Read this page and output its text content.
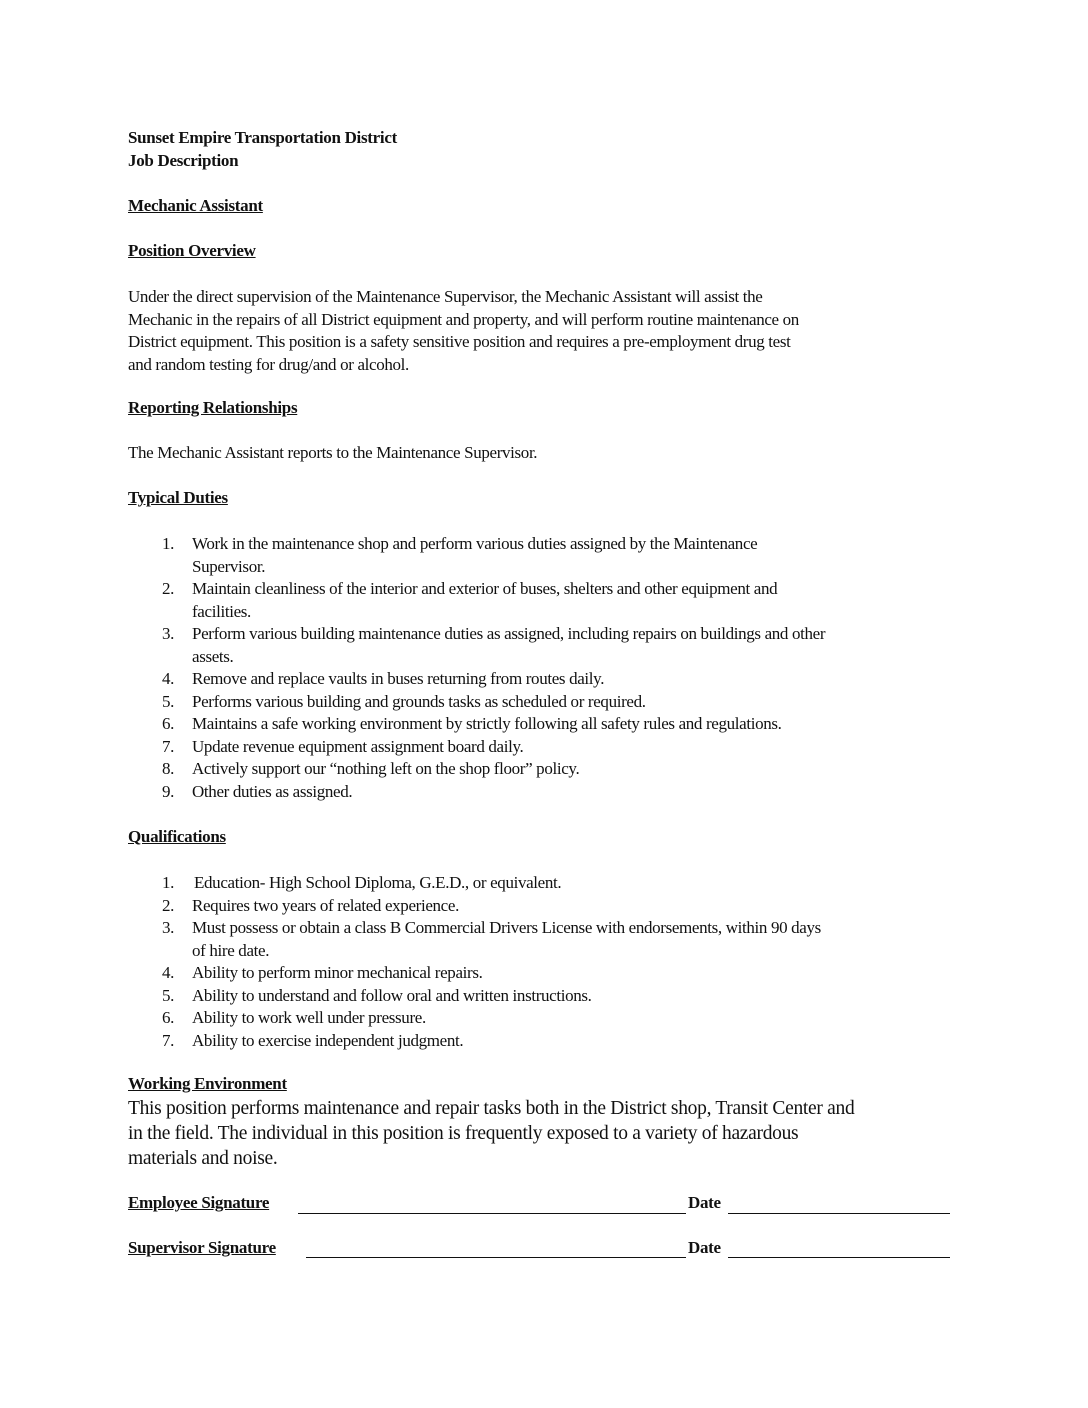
Sunset Empire Transportation District
Job Description
Mechanic Assistant
Position Overview
Under the direct supervision of the Maintenance Supervisor, the Mechanic Assistant will assist the
Mechanic in the repairs of all District equipment and property, and will perform routine maintenance on
District equipment. This position is a safety sensitive position and requires a pre-employment drug test
and random testing for drug/and or alcohol.
Reporting Relationships
The Mechanic Assistant reports to the Maintenance Supervisor.
Typical Duties
1. Work in the maintenance shop and perform various duties assigned by the Maintenance
Supervisor.
2. Maintain cleanliness of the interior and exterior of buses, shelters and other equipment and
facilities.
3. Perform various building maintenance duties as assigned, including repairs on buildings and other
assets.
4. Remove and replace vaults in buses returning from routes daily.
5. Performs various building and grounds tasks as scheduled or required.
6. Maintains a safe working environment by strictly following all safety rules and regulations.
7. Update revenue equipment assignment board daily.
8. Actively support our “nothing left on the shop floor” policy.
9. Other duties as assigned.
Qualifications
1. Education- High School Diploma, G.E.D., or equivalent.
2. Requires two years of related experience.
3. Must possess or obtain a class B Commercial Drivers License with endorsements, within 90 days
of hire date.
4. Ability to perform minor mechanical repairs.
5. Ability to understand and follow oral and written instructions.
6. Ability to work well under pressure.
7. Ability to exercise independent judgment.
Working Environment
This position performs maintenance and repair tasks both in the District shop, Transit Center and
in the field. The individual in this position is frequently exposed to a variety of hazardous
materials and noise.
Employee Signature	Date
Supervisor Signature	Date
